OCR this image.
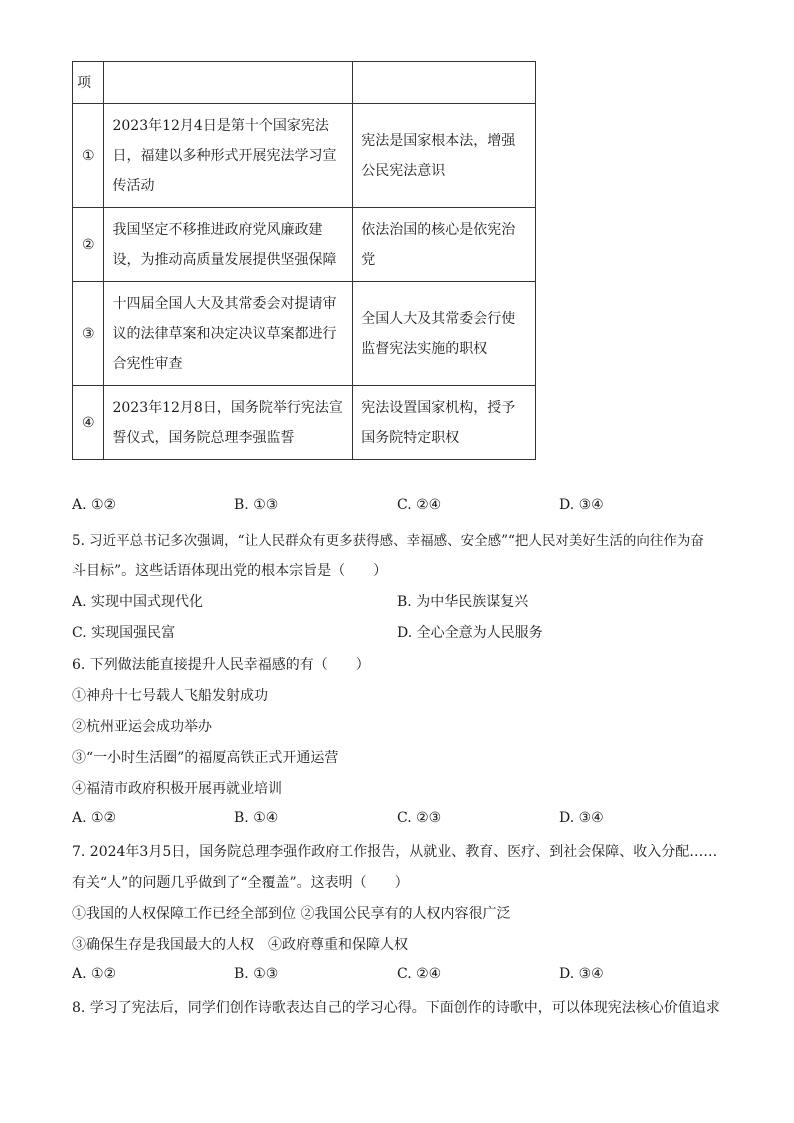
项		
①	2023年12月4日是第十个国家宪法日，福建以多种形式开展宪法学习宣传活动	宪法是国家根本法，增强公民宪法意识
②	我国坚定不移推进政府党风廉政建设，为推动高质量发展提供坚强保障	依法治国的核心是依宪治党
③	十四届全国人大及其常委会对提请审议的法律草案和决定决议草案都进行合宪性审查	全国人大及其常委会行使监督宪法实施的职权
④	2023年12月8日，国务院举行宪法宣誓仪式，国务院总理李强监誓	宪法设置国家机构，授予国务院特定职权
A. ①②	B. ①③	C. ②④	D. ③④
5. 习近平总书记多次强调，“让人民群众有更多获得感、幸福感、安全感”“把人民对美好生活的向往作为奋
斗目标”。这些话语体现出党的根本宗旨是（　　）
A. 实现中国式现代化	B. 为中华民族谋复兴
C. 实现国强民富	D. 全心全意为人民服务
6. 下列做法能直接提升人民幸福感的有（　　）
①神舟十七号载人飞船发射成功
②杭州亚运会成功举办
③“一小时生活圈”的福厦高铁正式开通运营
④福清市政府积极开展再就业培训
A. ①②	B. ①④	C. ②③	D. ③④
7. 2024年3月5日，国务院总理李强作政府工作报告，从就业、教育、医疗、到社会保障、收入分配……
有关“人”的问题几乎做到了“全覆盖”。这表明（　　）
①我国的人权保障工作已经全部到位 ②我国公民享有的人权内容很广泛
③确保生存是我国最大的人权　④政府尊重和保障人权
A. ①②	B. ①③	C. ②④	D. ③④
8. 学习了宪法后，同学们创作诗歌表达自己的学习心得。下面创作的诗歌中，可以体现宪法核心价值追求
